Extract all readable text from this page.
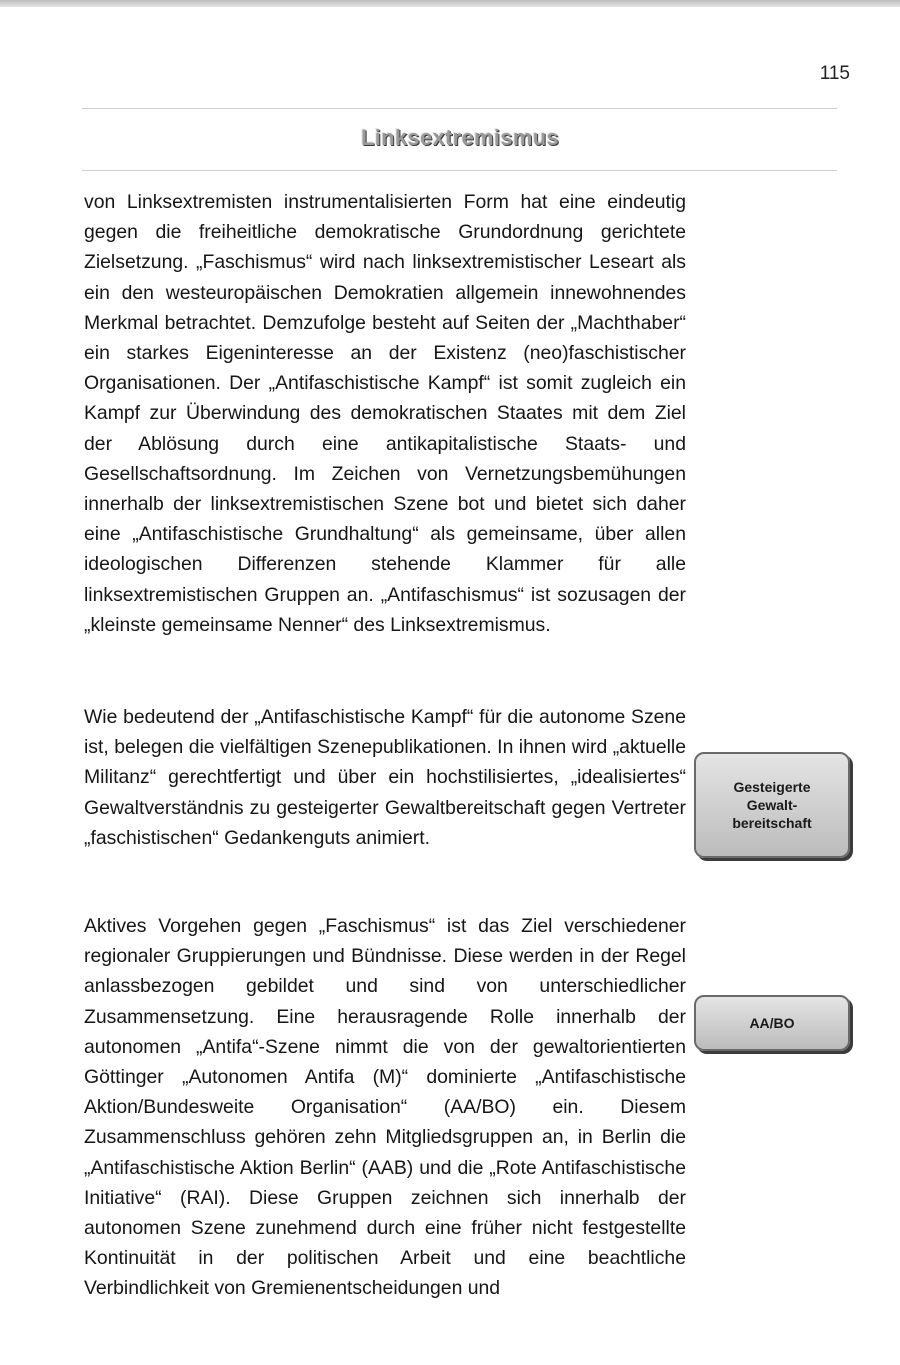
115
Linksextremismus

von Linksextremisten instrumentalisierten Form hat eine eindeutig gegen die freiheitliche demokratische Grundordnung gerichtete Zielsetzung. „Faschismus“ wird nach linksextremistischer Leseart als ein den westeuropäischen Demokratien allgemein innewohnendes Merkmal betrachtet. Demzufolge besteht auf Seiten der „Machthaber“ ein starkes Eigeninteresse an der Existenz (neo)faschistischer Organisationen. Der „Antifaschistische Kampf“ ist somit zugleich ein Kampf zur Überwindung des demokratischen Staates mit dem Ziel der Ablösung durch eine antikapitalistische Staats- und Gesellschaftsordnung. Im Zeichen von Vernetzungsbemühungen innerhalb der linksextremistischen Szene bot und bietet sich daher eine „Antifaschistische Grundhaltung“ als gemeinsame, über allen ideologischen Differenzen stehende Klammer für alle linksextremistischen Gruppen an. „Antifaschismus“ ist sozusagen der „kleinste gemeinsame Nenner“ des Linksextremismus.

Wie bedeutend der „Antifaschistische Kampf“ für die autonome Szene ist, belegen die vielfältigen Szenepublikationen. In ihnen wird „aktuelle Militanz“ gerechtfertigt und über ein hochstilisiertes, „idealisiertes“ Gewaltverständnis zu gesteigerter Gewaltbereitschaft gegen Vertreter „faschistischen“ Gedankenguts animiert.

Aktives Vorgehen gegen „Faschismus“ ist das Ziel verschiedener regionaler Gruppierungen und Bündnisse. Diese werden in der Regel anlassbezogen gebildet und sind von unterschiedlicher Zusammensetzung. Eine herausragende Rolle innerhalb der autonomen „Antifa“-Szene nimmt die von der gewaltorientierten Göttinger „Autonomen Antifa (M)“ dominierte „Antifaschistische Aktion/Bundesweite Organisation“ (AA/BO) ein. Diesem Zusammenschluss gehören zehn Mitgliedsgruppen an, in Berlin die „Antifaschistische Aktion Berlin“ (AAB) und die „Rote Antifaschistische Initiative“ (RAI). Diese Gruppen zeichnen sich innerhalb der autonomen Szene zunehmend durch eine früher nicht festgestellte Kontinuität in der politischen Arbeit und eine beachtliche Verbindlichkeit von Gremienentscheidungen und

Gesteigerte
Gewalt-
bereitschaft
AA/BO
